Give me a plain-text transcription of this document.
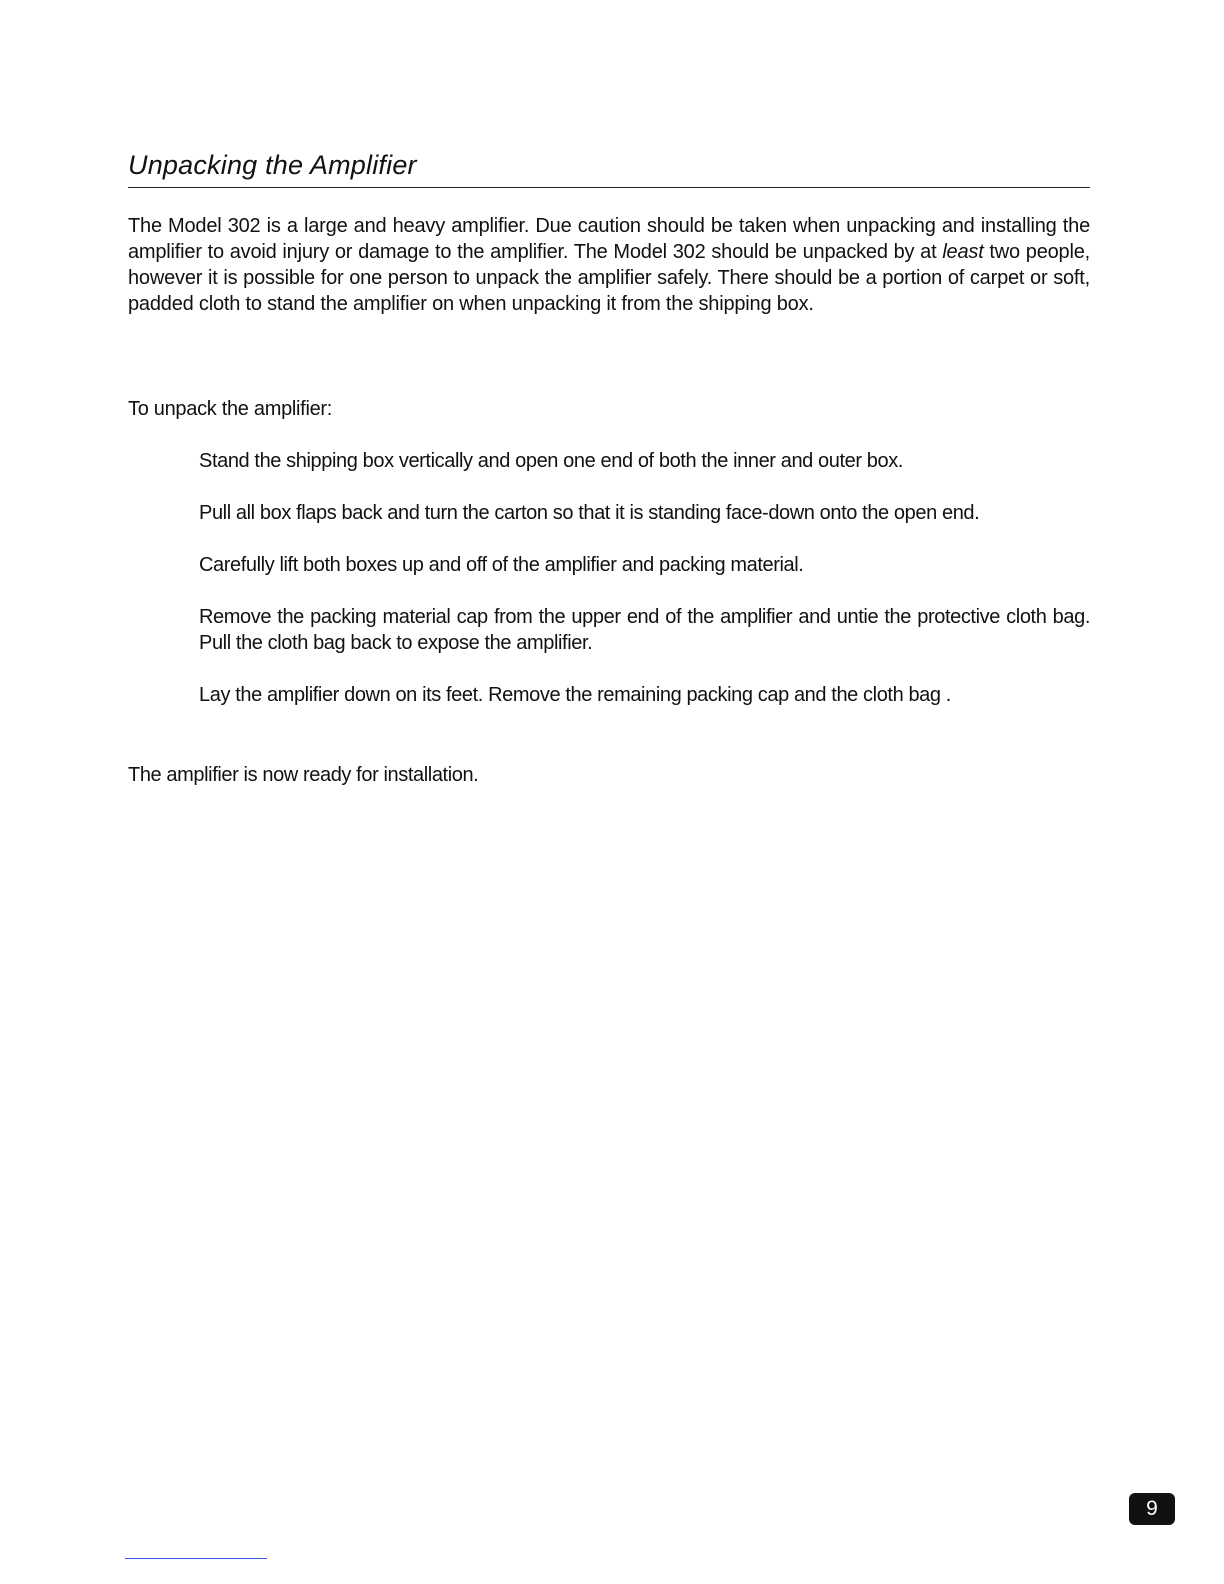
Unpacking the Amplifier

The Model 302 is a large and heavy amplifier. Due caution should be taken when unpacking and installing the amplifier to avoid injury or damage to the amplifier. The Model 302 should be unpacked by at least two people, however it is possible for one person to unpack the amplifier safely. There should be a portion of carpet or soft, padded cloth to stand the amplifier on when unpacking it from the shipping box.

To unpack the amplifier:

Stand the shipping box vertically and open one end of both the inner and outer box.
Pull all box flaps back and turn the carton so that it is standing face-down onto the open end.
Carefully lift both boxes up and off of the amplifier and packing material.
Remove the packing material cap from the upper end of the amplifier and untie the protective cloth bag. Pull the cloth bag back to expose the amplifier.
Lay the amplifier down on its feet. Remove the remaining packing cap and the cloth bag .

The amplifier is now ready for installation.

9
